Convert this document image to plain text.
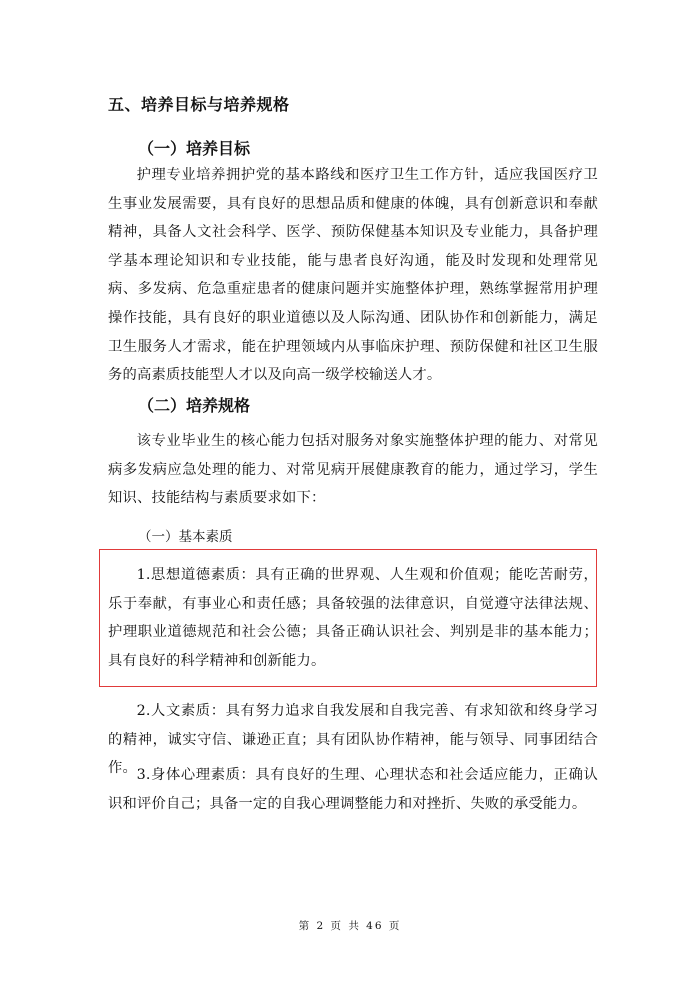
五、培养目标与培养规格
（一）培养目标

护理专业培养拥护党的基本路线和医疗卫生工作方针，适应我国医疗卫生事业发展需要，具有良好的思想品质和健康的体魄，具有创新意识和奉献精神，具备人文社会科学、医学、预防保健基本知识及专业能力，具备护理学基本理论知识和专业技能，能与患者良好沟通，能及时发现和处理常见病、多发病、危急重症患者的健康问题并实施整体护理，熟练掌握常用护理操作技能，具有良好的职业道德以及人际沟通、团队协作和创新能力，满足卫生服务人才需求，能在护理领域内从事临床护理、预防保健和社区卫生服务的高素质技能型人才以及向高一级学校输送人才。

（二）培养规格

该专业毕业生的核心能力包括对服务对象实施整体护理的能力、对常见病多发病应急处理的能力、对常见病开展健康教育的能力，通过学习，学生知识、技能结构与素质要求如下：

（一）基本素质

1.思想道德素质：具有正确的世界观、人生观和价值观；能吃苦耐劳，乐于奉献，有事业心和责任感；具备较强的法律意识，自觉遵守法律法规、护理职业道德规范和社会公德；具备正确认识社会、判别是非的基本能力；具有良好的科学精神和创新能力。

2.人文素质：具有努力追求自我发展和自我完善、有求知欲和终身学习的精神，诚实守信、谦逊正直；具有团队协作精神，能与领导、同事团结合作。 3.身体心理素质：具有良好的生理、心理状态和社会适应能力，正确认识和评价自己；具备一定的自我心理调整能力和对挫折、失败的承受能力。

第 2 页 共 46 页
